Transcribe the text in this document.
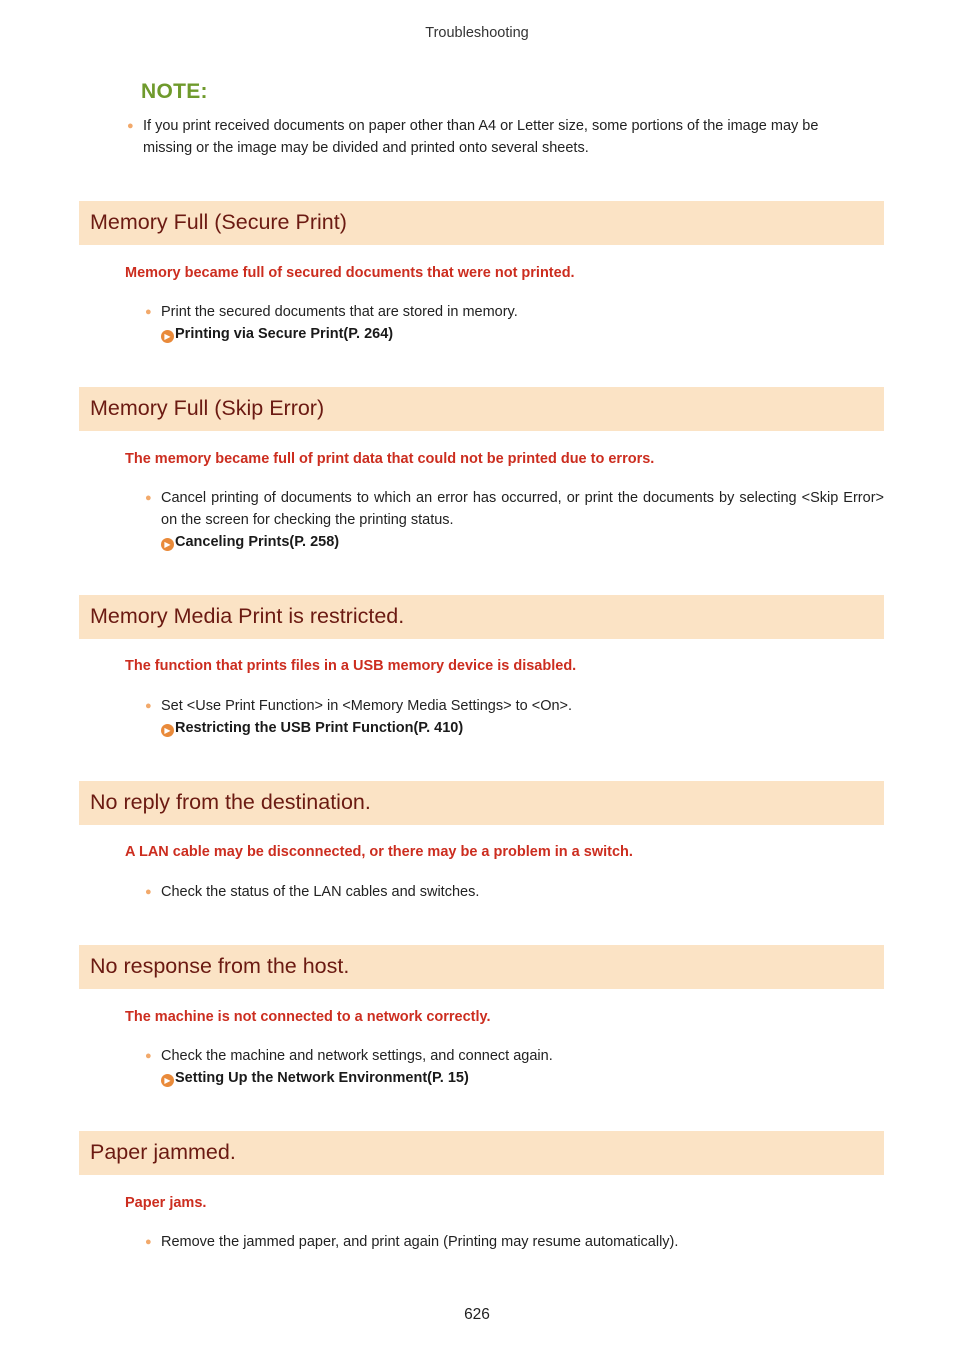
Troubleshooting
NOTE:
● If you print received documents on paper other than A4 or Letter size, some portions of the image may be missing or the image may be divided and printed onto several sheets.
Memory Full (Secure Print)
Memory became full of secured documents that were not printed.
● Print the secured documents that are stored in memory.
▶ Printing via Secure Print(P. 264)
Memory Full (Skip Error)
The memory became full of print data that could not be printed due to errors.
● Cancel printing of documents to which an error has occurred, or print the documents by selecting <Skip Error> on the screen for checking the printing status.
▶ Canceling Prints(P. 258)
Memory Media Print is restricted.
The function that prints files in a USB memory device is disabled.
● Set <Use Print Function> in <Memory Media Settings> to <On>.
▶ Restricting the USB Print Function(P. 410)
No reply from the destination.
A LAN cable may be disconnected, or there may be a problem in a switch.
● Check the status of the LAN cables and switches.
No response from the host.
The machine is not connected to a network correctly.
● Check the machine and network settings, and connect again.
▶ Setting Up the Network Environment(P. 15)
Paper jammed.
Paper jams.
● Remove the jammed paper, and print again (Printing may resume automatically).
626
